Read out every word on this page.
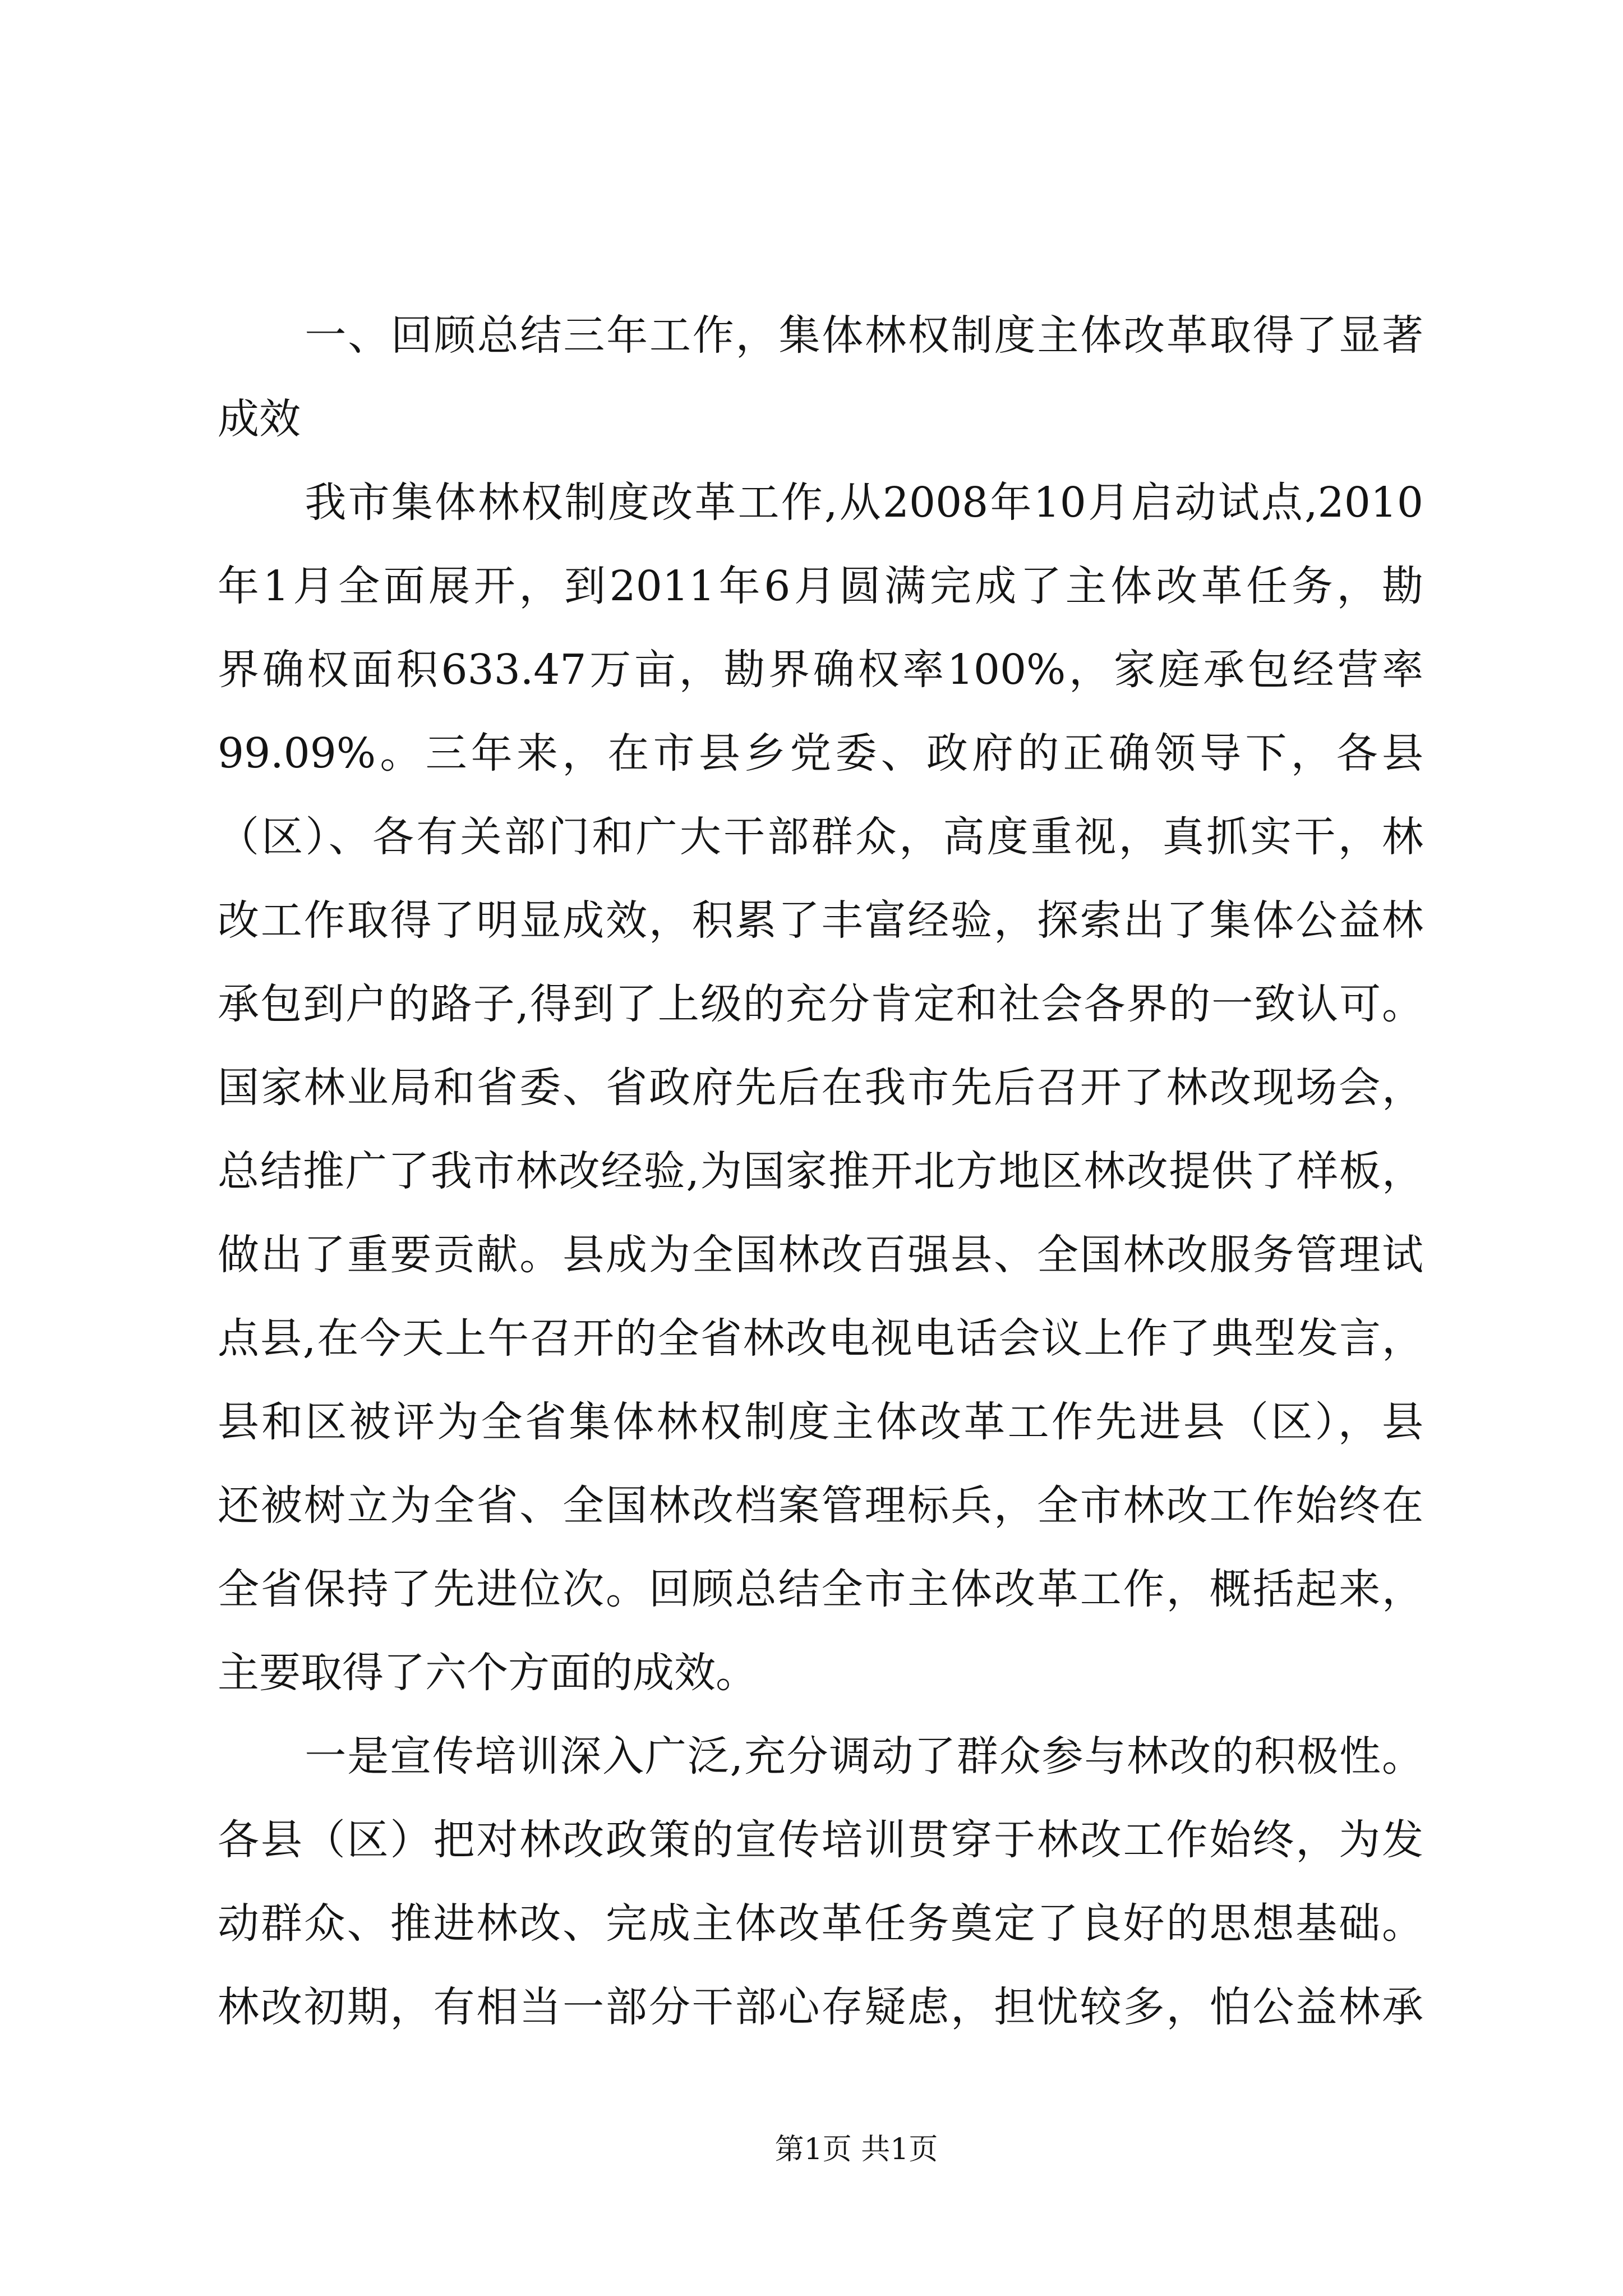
一、回顾总结三年工作，集体林权制度主体改革取得了显著
成效
我市集体林权制度改革工作,从2008年10月启动试点,2010
年1月全面展开，到2011年6月圆满完成了主体改革任务，勘
界确权面积633.47万亩，勘界确权率100%，家庭承包经营率
99.09%。三年来，在市县乡党委、政府的正确领导下，各县
（区）、各有关部门和广大干部群众，高度重视，真抓实干，林
改工作取得了明显成效，积累了丰富经验，探索出了集体公益林
承包到户的路子,得到了上级的充分肯定和社会各界的一致认可。
国家林业局和省委、省政府先后在我市先后召开了林改现场会，
总结推广了我市林改经验,为国家推开北方地区林改提供了样板，
做出了重要贡献。县成为全国林改百强县、全国林改服务管理试
点县,在今天上午召开的全省林改电视电话会议上作了典型发言，
县和区被评为全省集体林权制度主体改革工作先进县（区），县
还被树立为全省、全国林改档案管理标兵，全市林改工作始终在
全省保持了先进位次。回顾总结全市主体改革工作，概括起来，
主要取得了六个方面的成效。
一是宣传培训深入广泛,充分调动了群众参与林改的积极性。
各县（区）把对林改政策的宣传培训贯穿于林改工作始终，为发
动群众、推进林改、完成主体改革任务奠定了良好的思想基础。
林改初期，有相当一部分干部心存疑虑，担忧较多，怕公益林承
第1页 共1页
